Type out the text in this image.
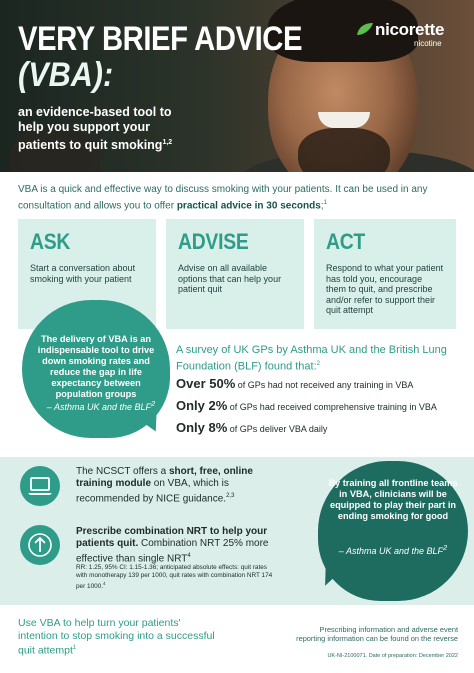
VERY BRIEF ADVICE
(VBA):
an evidence-based tool to help you support your patients to quit smoking$^{1,2}$
nicorette
nicotine
VBA is a quick and effective way to discuss smoking with your patients. It can be used in any consultation and allows you to offer practical advice in 30 seconds;$^1$
ASK
Start a conversation about smoking with your patient
ADVISE
Advise on all available options that can help your patient quit
ACT
Respond to what your patient has told you, encourage them to quit, and prescribe and/or refer to support their quit attempt
The delivery of VBA is an indispensable tool to drive down smoking rates and reduce the gap in life expectancy between population groups
– Asthma UK and the BLF$^2$
A survey of UK GPs by Asthma UK and the British Lung Foundation (BLF) found that:$^2$
Over 50% of GPs had not received any training in VBA
Only 2% of GPs had received comprehensive training in VBA
Only 8% of GPs deliver VBA daily
The NCSCT offers a short, free, online training module on VBA, which is recommended by NICE guidance.$^{2,3}$
Prescribe combination NRT to help your patients quit. Combination NRT 25% more effective than single NRT$^4$
RR: 1.25, 95% CI: 1.15-1.36; anticipated absolute effects: quit rates with monotherapy 139 per 1000, quit rates with combination NRT 174 per 1000.$^4$
By training all frontline teams in VBA, clinicians will be equipped to play their part in ending smoking for good
– Asthma UK and the BLF$^2$
Use VBA to help turn your patients' intention to stop smoking into a successful quit attempt$^1$
Prescribing information and adverse event reporting information can be found on the reverse
UK-NI-2100071. Date of preparation: December 2022
